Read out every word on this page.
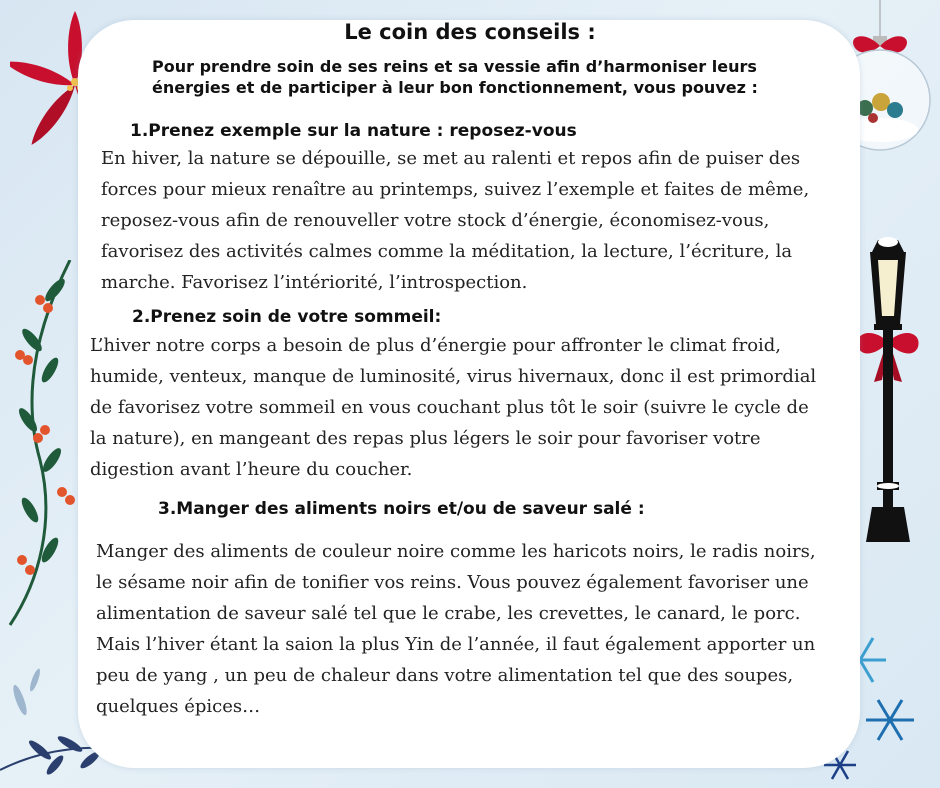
Le coin des conseils :
Pour prendre soin de ses reins et sa vessie afin d’harmoniser leurs énergies et de participer à leur bon fonctionnement, vous pouvez :
1.Prenez exemple sur la nature : reposez-vous
En hiver, la nature se dépouille, se met au ralenti et repos afin de puiser des forces pour mieux renaître au printemps, suivez l’exemple et faites de même, reposez-vous afin de renouveller votre stock d’énergie, économisez-vous, favorisez des activités calmes comme la méditation, la lecture, l’écriture, la marche. Favorisez l’intériorité, l’introspection.
2.Prenez soin de votre sommeil:
L’hiver notre corps a besoin de plus d’énergie pour affronter le climat froid, humide, venteux, manque de luminosité, virus hivernaux, donc il est primordial de favorisez votre sommeil en vous couchant plus tôt le soir (suivre le cycle de la nature), en mangeant des repas plus légers le soir pour favoriser votre digestion avant l’heure du coucher.
3.Manger des aliments noirs et/ou de saveur salé :
Manger des aliments de couleur noire comme les haricots noirs, le radis noirs, le sésame noir afin de tonifier vos reins. Vous pouvez également favoriser une alimentation de saveur salé tel que le crabe, les crevettes, le canard, le porc. Mais l’hiver étant la saion la plus Yin de l’année, il faut également apporter un peu de yang , un peu de chaleur dans votre alimentation tel que des soupes, quelques épices…
